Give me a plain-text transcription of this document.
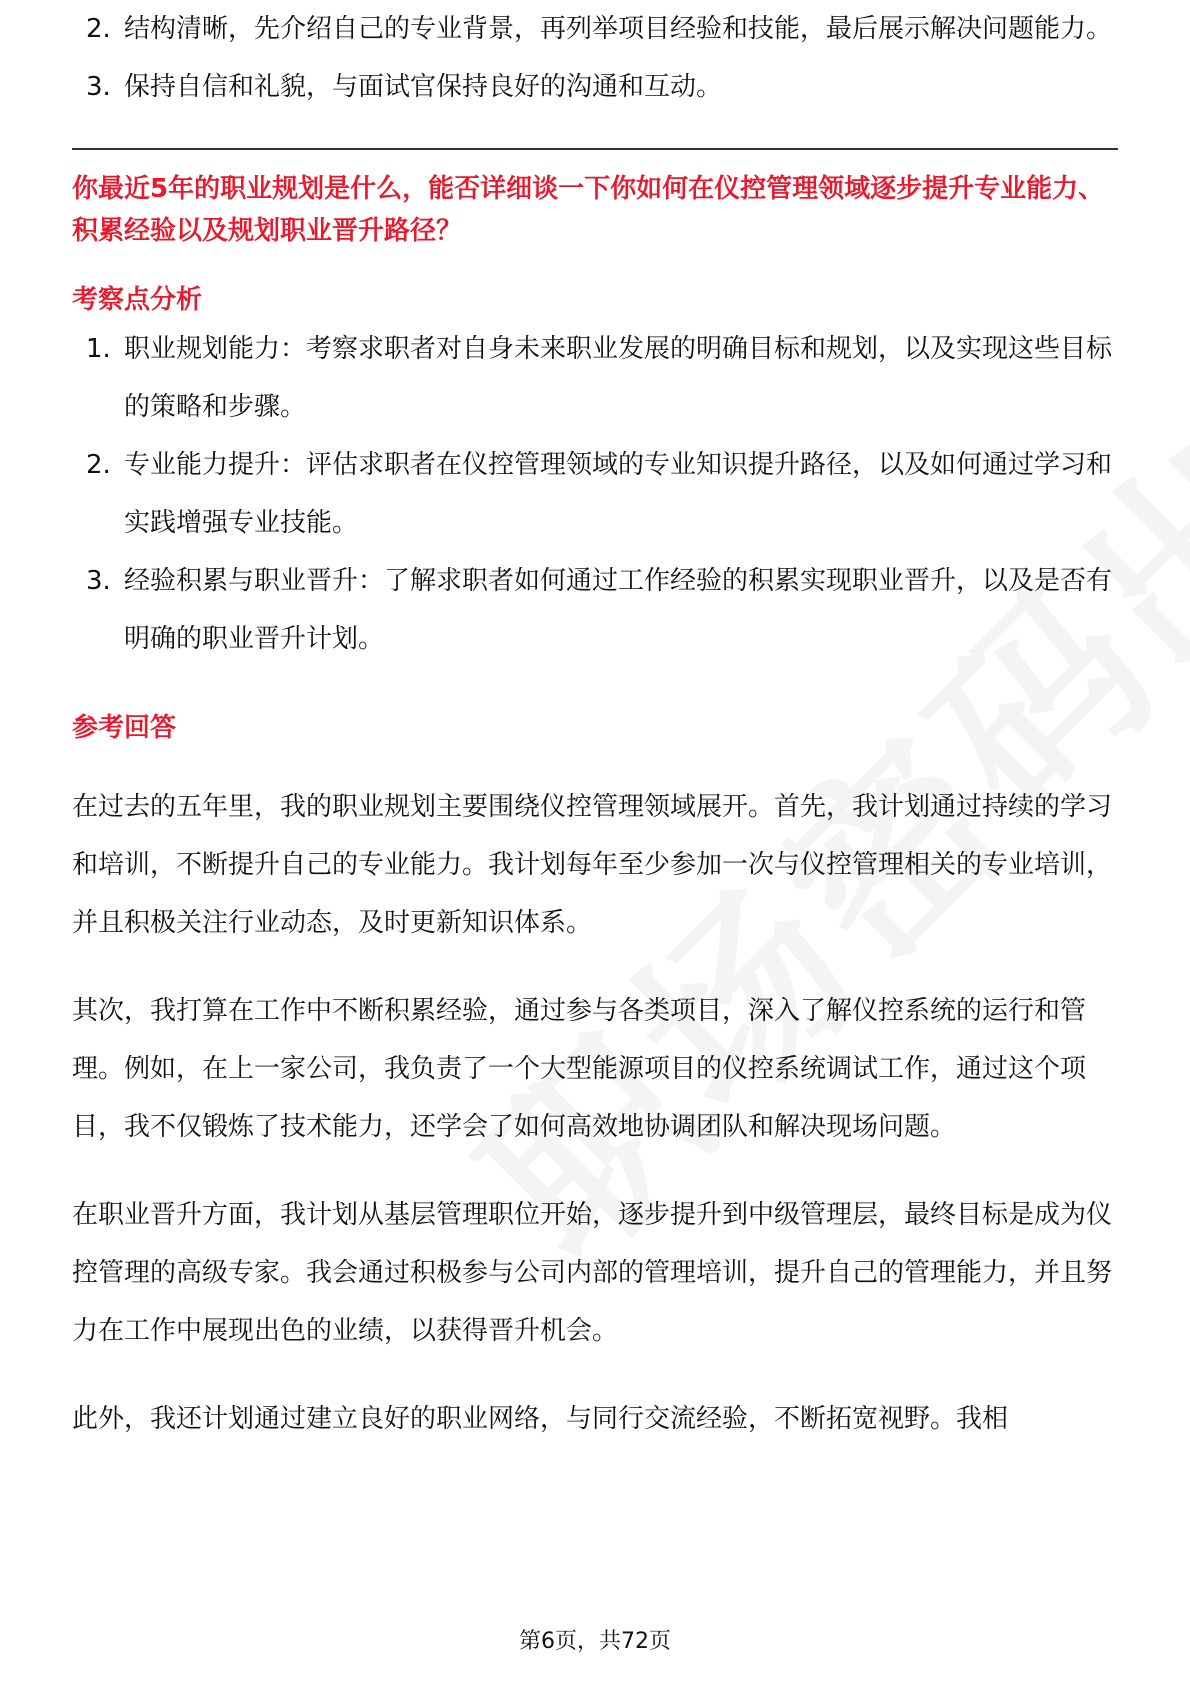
2. 结构清晰，先介绍自己的专业背景，再列举项目经验和技能，最后展示解决问题能力。
3. 保持自信和礼貌，与面试官保持良好的沟通和互动。
你最近5年的职业规划是什么，能否详细谈一下你如何在仪控管理领域逐步提升专业能力、积累经验以及规划职业晋升路径？
考察点分析
1. 职业规划能力：考察求职者对自身未来职业发展的明确目标和规划，以及实现这些目标的策略和步骤。
2. 专业能力提升：评估求职者在仪控管理领域的专业知识提升路径，以及如何通过学习和实践增强专业技能。
3. 经验积累与职业晋升：了解求职者如何通过工作经验的积累实现职业晋升，以及是否有明确的职业晋升计划。
参考回答

在过去的五年里，我的职业规划主要围绕仪控管理领域展开。首先，我计划通过持续的学习和培训，不断提升自己的专业能力。我计划每年至少参加一次与仪控管理相关的专业培训，并且积极关注行业动态，及时更新知识体系。

其次，我打算在工作中不断积累经验，通过参与各类项目，深入了解仪控系统的运行和管理。例如，在上一家公司，我负责了一个大型能源项目的仪控系统调试工作，通过这个项目，我不仅锻炼了技术能力，还学会了如何高效地协调团队和解决现场问题。

在职业晋升方面，我计划从基层管理职位开始，逐步提升到中级管理层，最终目标是成为仪控管理的高级专家。我会通过积极参与公司内部的管理培训，提升自己的管理能力，并且努力在工作中展现出色的业绩，以获得晋升机会。

此外，我还计划通过建立良好的职业网络，与同行交流经验，不断拓宽视野。我相

第6页，共72页
